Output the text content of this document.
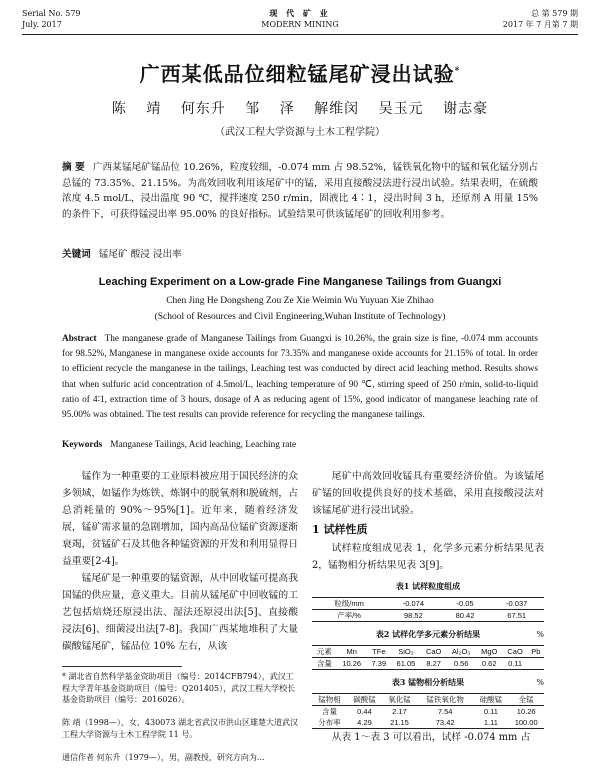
Serial No. 579
July. 2017
现 代 矿 业
MODERN MINING
总 第 579 期
2017 年 7 月第 7 期
广西某低品位细粒锰尾矿浸出试验*
陈 靖 何东升 邹 泽 解维闵 吴玉元 谢志豪
（武汉工程大学资源与土木工程学院）
摘 要 广西某锰尾矿锰品位 10.26%，粒度较细，-0.074 mm 占 98.52%，锰铁氧化物中的锰和氧化锰分别占总锰的 73.35%、21.15%。为高效回收利用该尾矿中的锰，采用直接酸浸法进行浸出试验。结果表明，在硫酸浓度 4.5 mol/L，浸出温度 90 ℃，搅拌速度 250 r/min，固液比 4∶1，浸出时间 3 h，还原剂 A 用量 15% 的条件下，可获得锰浸出率 95.00% 的良好指标。试验结果可供该锰尾矿的回收利用参考。
关键词 锰尾矿 酸浸 浸出率
Leaching Experiment on a Low-grade Fine Manganese Tailings from Guangxi
Chen Jing He Dongsheng Zou Ze Xie Weimin Wu Yuyuan Xie Zhihao
(School of Resources and Civil Engineering,Wuhan Institute of Technology)
Abstract The manganese grade of Manganese Tailings from Guangxi is 10.26%, the grain size is fine, -0.074 mm accounts for 98.52%, Manganese in manganese oxide accounts for 73.35% and manganese oxide accounts for 21.15% of total. In order to efficient recycle the manganese in the tailings, Leaching test was conducted by direct acid leaching method. Results shows that when sulfuric acid concentration of 4.5mol/L, leaching temperature of 90 ℃, stirring speed of 250 r/min, solid-to-liquid ratio of 4∶1, extraction time of 3 hours, dosage of A as reducing agent of 15%, good indicator of manganese leaching rate of 95.00% was obtained. The test results can provide reference for recycling the manganese tailings.
Keywords Manganese Tailings, Acid leaching, Leaching rate

锰作为一种重要的工业原料被应用于国民经济的众多领域，如锰作为炼铁、炼钢中的脱氧剂和脱硫剂，占总消耗量的 90%～95%[1]。近年来，随着经济发展，锰矿需求量的急剧增加，国内高品位锰矿资源逐渐衰竭，贫锰矿石及其他各种锰资源的开发和利用显得日益重要[2-4]。

锰尾矿是一种重要的锰资源，从中回收锰可提高我国锰的供应量，意义重大。目前从锰尾矿中回收锰的工艺包括焙烧还原浸出法、湿法还原浸出法[5]、直接酸浸法[6]、细菌浸出法[7-8]。我国广西某地堆积了大量碳酸锰尾矿，锰品位 10% 左右，从该

* 湖北省自然科学基金资助项目（编号：2014CFB794），武汉工程大学青年基金资助项目（编号：Q201405），武汉工程大学校长基金资助项目（编号：2016026）。
陈 靖（1998—），女，430073 湖北省武汉市洪山区雄楚大道武汉工程大学资源与土木工程学院 11 号。
通信作者 何东升（1979—），男，副教授，研究方向为...

尾矿中高效回收锰具有重要经济价值。为该锰尾矿锰的回收提供良好的技术基础，采用直接酸浸法对该锰尾矿进行浸出试验。

1 试样性质

试样粒度组成见表 1，化学多元素分析结果见表 2，锰物相分析结果见表 3[9]。

表1 试样粒度组成
粒级/mm	-0.074	-0.05	-0.037
产率/%	98.52	80.42	67.51
表2 试样化学多元素分析结果	%
元素	Mn	TFe	SiO₂	CaO	Al₂O₃	MgO	CaO	Pb
含量	10.26	7.39	61.05	8.27	0.56	0.62	0.11	
表3 锰物相分析结果	%
锰物相	碳酸锰	氧化锰	锰铁氧化物	硅酸锰	全锰
含量	0.44	2.17	7.54	0.11	10.26
分布率	4.29	21.15	73.42	1.11	100.00

从表 1～表 3 可以看出，试样 -0.074 mm 占
